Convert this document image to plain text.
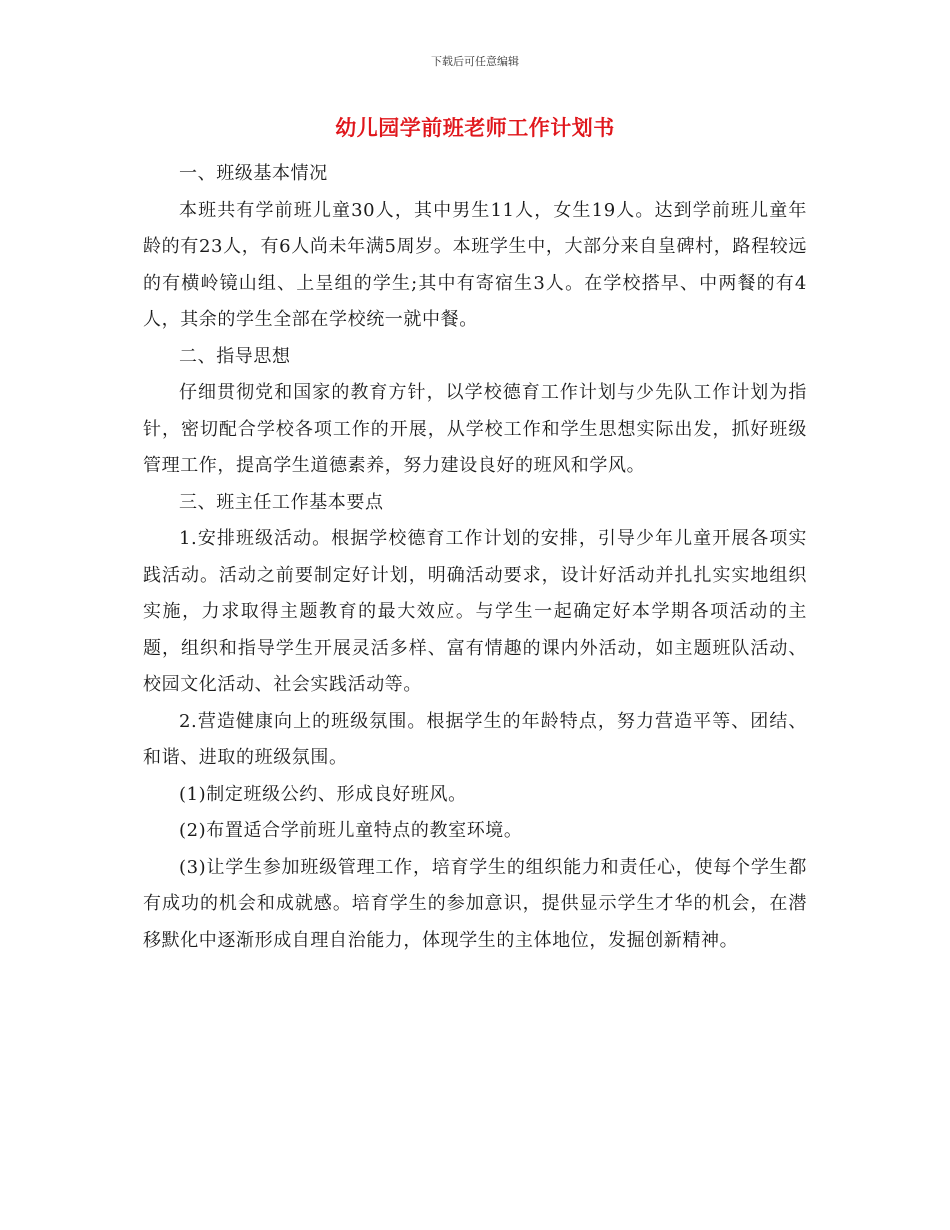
下载后可任意编辑
幼儿园学前班老师工作计划书

一、班级基本情况

本班共有学前班儿童30人，其中男生11人，女生19人。达到学前班儿童年龄的有23人，有6人尚未年满5周岁。本班学生中，大部分来自皇碑村，路程较远的有横岭镜山组、上呈组的学生;其中有寄宿生3人。在学校搭早、中两餐的有4人，其余的学生全部在学校统一就中餐。

二、指导思想

仔细贯彻党和国家的教育方针，以学校德育工作计划与少先队工作计划为指针，密切配合学校各项工作的开展，从学校工作和学生思想实际出发，抓好班级管理工作，提高学生道德素养，努力建设良好的班风和学风。

三、班主任工作基本要点

1.安排班级活动。根据学校德育工作计划的安排，引导少年儿童开展各项实践活动。活动之前要制定好计划，明确活动要求，设计好活动并扎扎实实地组织实施，力求取得主题教育的最大效应。与学生一起确定好本学期各项活动的主题，组织和指导学生开展灵活多样、富有情趣的课内外活动，如主题班队活动、校园文化活动、社会实践活动等。

2.营造健康向上的班级氛围。根据学生的年龄特点，努力营造平等、团结、和谐、进取的班级氛围。

(1)制定班级公约、形成良好班风。

(2)布置适合学前班儿童特点的教室环境。

(3)让学生参加班级管理工作，培育学生的组织能力和责任心，使每个学生都有成功的机会和成就感。培育学生的参加意识，提供显示学生才华的机会，在潜移默化中逐渐形成自理自治能力，体现学生的主体地位，发掘创新精神。
